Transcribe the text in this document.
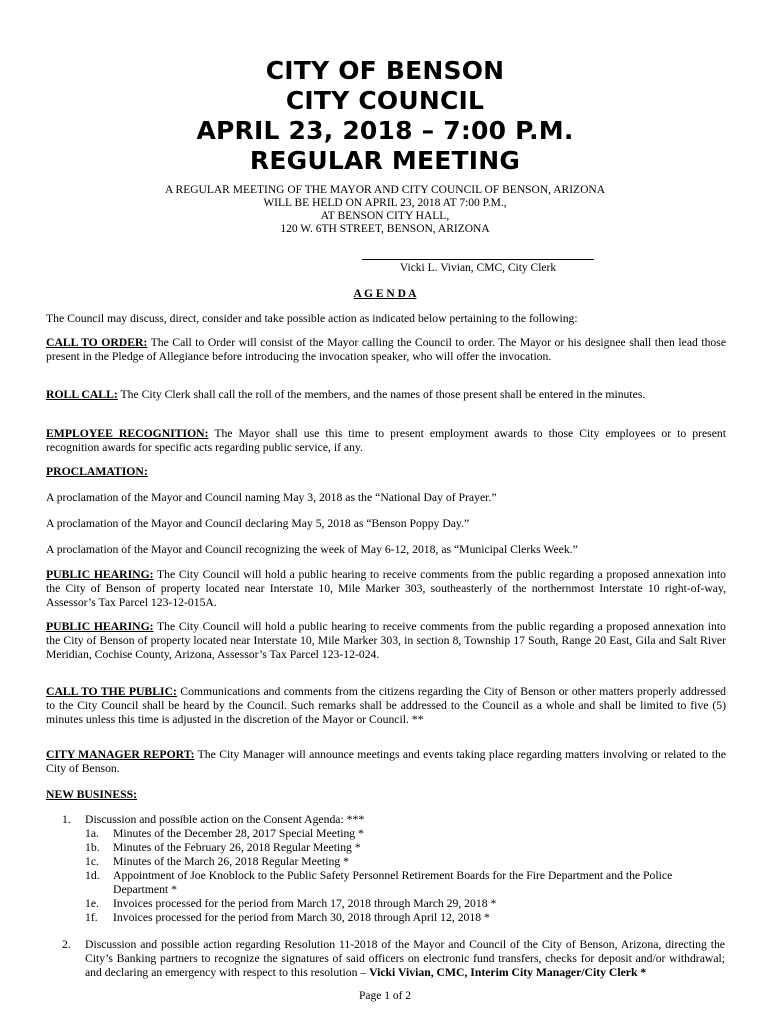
CITY OF BENSON
CITY COUNCIL
APRIL 23, 2018 – 7:00 P.M.
REGULAR MEETING
A REGULAR MEETING OF THE MAYOR AND CITY COUNCIL OF BENSON, ARIZONA
WILL BE HELD ON APRIL 23, 2018 AT 7:00 P.M.,
AT BENSON CITY HALL,
120 W. 6TH STREET, BENSON, ARIZONA
Vicki L. Vivian, CMC, City Clerk
A G E N D A

The Council may discuss, direct, consider and take possible action as indicated below pertaining to the following:

CALL TO ORDER: The Call to Order will consist of the Mayor calling the Council to order. The Mayor or his designee shall then lead those present in the Pledge of Allegiance before introducing the invocation speaker, who will offer the invocation.

ROLL CALL: The City Clerk shall call the roll of the members, and the names of those present shall be entered in the minutes.

EMPLOYEE RECOGNITION: The Mayor shall use this time to present employment awards to those City employees or to present recognition awards for specific acts regarding public service, if any.

PROCLAMATION:

A proclamation of the Mayor and Council naming May 3, 2018 as the “National Day of Prayer.”

A proclamation of the Mayor and Council declaring May 5, 2018 as “Benson Poppy Day.”

A proclamation of the Mayor and Council recognizing the week of May 6-12, 2018, as “Municipal Clerks Week.”

PUBLIC HEARING: The City Council will hold a public hearing to receive comments from the public regarding a proposed annexation into the City of Benson of property located near Interstate 10, Mile Marker 303, southeasterly of the northernmost Interstate 10 right-of-way, Assessor’s Tax Parcel 123-12-015A.

PUBLIC HEARING: The City Council will hold a public hearing to receive comments from the public regarding a proposed annexation into the City of Benson of property located near Interstate 10, Mile Marker 303, in section 8, Township 17 South, Range 20 East, Gila and Salt River Meridian, Cochise County, Arizona, Assessor’s Tax Parcel 123-12-024.

CALL TO THE PUBLIC: Communications and comments from the citizens regarding the City of Benson or other matters properly addressed to the City Council shall be heard by the Council. Such remarks shall be addressed to the Council as a whole and shall be limited to five (5) minutes unless this time is adjusted in the discretion of the Mayor or Council. **

CITY MANAGER REPORT: The City Manager will announce meetings and events taking place regarding matters involving or related to the City of Benson.

NEW BUSINESS:

1. Discussion and possible action on the Consent Agenda: ***

1a. Minutes of the December 28, 2017 Special Meeting *
1b. Minutes of the February 26, 2018 Regular Meeting *
1c. Minutes of the March 26, 2018 Regular Meeting *
1d. Appointment of Joe Knoblock to the Public Safety Personnel Retirement Boards for the Fire Department and the Police Department *
1e. Invoices processed for the period from March 17, 2018 through March 29, 2018 *
1f. Invoices processed for the period from March 30, 2018 through April 12, 2018 *
2. Discussion and possible action regarding Resolution 11-2018 of the Mayor and Council of the City of Benson, Arizona, directing the City’s Banking partners to recognize the signatures of said officers on electronic fund transfers, checks for deposit and/or withdrawal; and declaring an emergency with respect to this resolution – Vicki Vivian, CMC, Interim City Manager/City Clerk *

Page 1 of 2
